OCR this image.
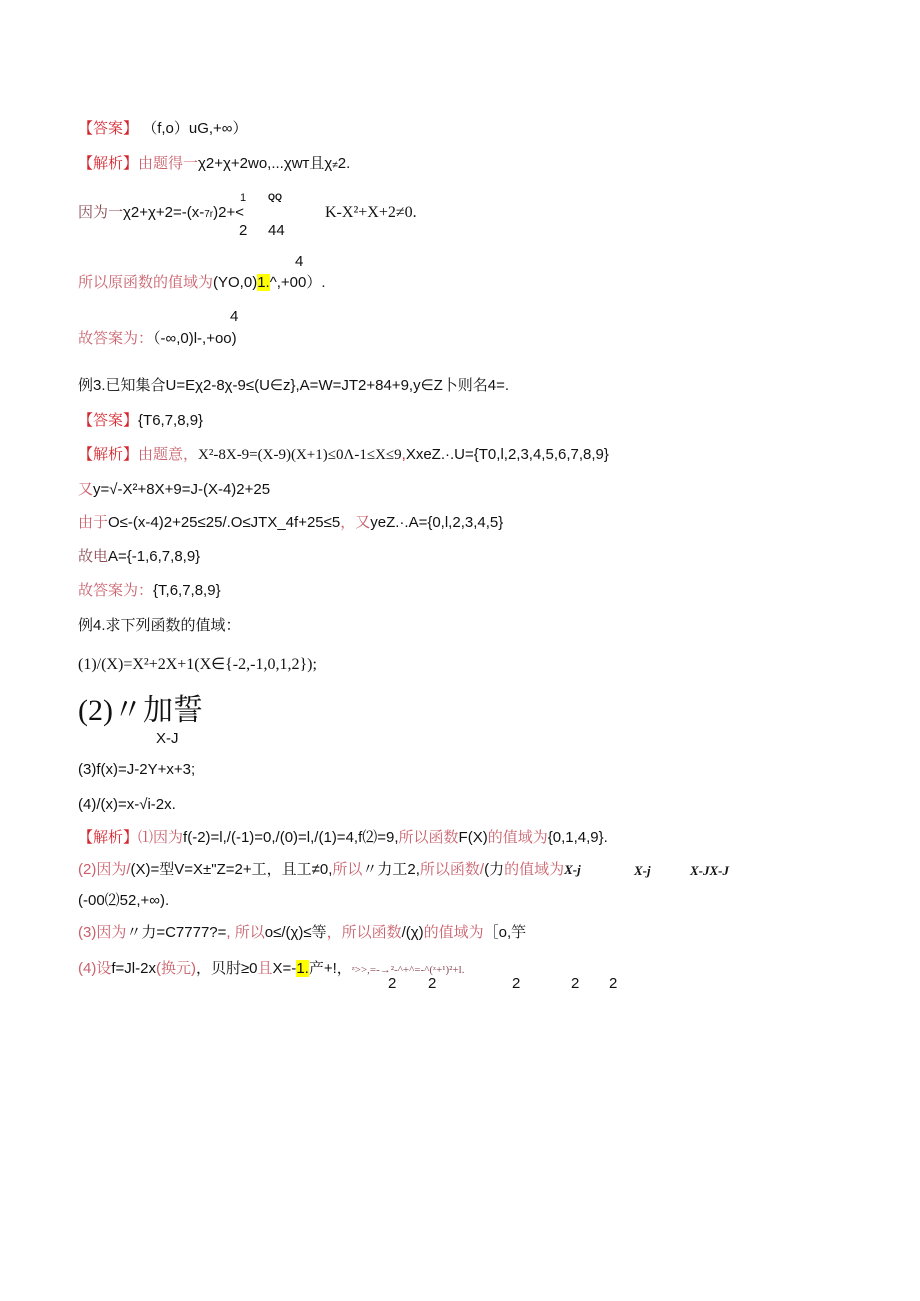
【答案】 （f,o）uG,+∞）
【解析】由题得一χ2+χ+2wo,...χwт且χ≠2.
因为一χ2+χ+2=-(x-7r)2+<
1 QQ
2 44
K-X²+X+2≠0.
4
所以原函数的值域为(YO,0)1.^,+00）.
4
故答案为：（-∞,0)l-,+oo)
例3.已知集合U=Eχ2-8χ-9≤(U∈z},A=W=JT2+84+9,y∈Z卜则名4=.
【答案】{T6,7,8,9}
【解析】由题意，X²-8X-9=(X-9)(X+1)≤0Λ-1≤X≤9,XxeZ.·.U={T0,l,2,3,4,5,6,7,8,9}
又y=√-X²+8X+9=J-(X-4)2+25
由于O≤-(x-4)2+25≤25/.O≤JTX_4f+25≤5，又yeZ.·.A={0,l,2,3,4,5}
故电A={-1,6,7,8,9}
故答案为：{T,6,7,8,9}
例4.求下列函数的值域：
(1)/(X)=X²+2X+1(X∈{-2,-1,0,1,2});
(2)〃加誓
X-J
(3)f(x)=J-2Y+x+3;
(4)/(x)=x-√i-2x.
【解析】⑴因为f(-2)=l,/(-1)=0,/(0)=l,/(1)=4,f⑵=9,所以函数F(X)的值域为{0,1,4,9}.
(2)因为/(X)=型V=X±"Z=2+工，且工≠0,所以〃力工2,所以函数/(力的值域为X-j	X-j	X-JX-J
(-00⑵52,+∞).
(3)因为〃力=C7777?=, 所以o≤/(χ)≤等，所以函数/(χ)的值域为［o,竽
(4)设f=Jl-2x(换元)，贝肘≥0且X=-1.产+!，ᶻ>>,=-→²-^+^=-^(ᶻ+¹)²+l.
2 2	2	2 2
